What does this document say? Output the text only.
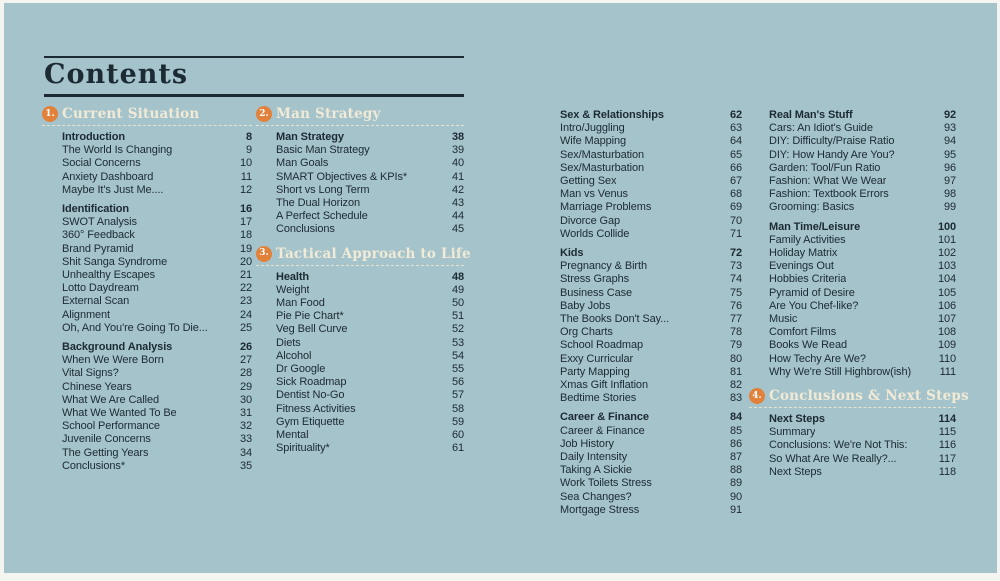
Contents
1. Current Situation
Introduction	8
The World Is Changing	9
Social Concerns	10
Anxiety Dashboard	11
Maybe It's Just Me....	12
Identification	16
SWOT Analysis	17
360° Feedback	18
Brand Pyramid	19
Shit Sanga Syndrome	20
Unhealthy Escapes	21
Lotto Daydream	22
External Scan	23
Alignment	24
Oh, And You're Going To Die...	25
Background Analysis	26
When We Were Born	27
Vital Signs?	28
Chinese Years	29
What We Are Called	30
What We Wanted To Be	31
School Performance	32
Juvenile Concerns	33
The Getting Years	34
Conclusions*	35
2. Man Strategy
Man Strategy	38
Basic Man Strategy	39
Man Goals	40
SMART Objectives & KPIs*	41
Short vs Long Term	42
The Dual Horizon	43
A Perfect Schedule	44
Conclusions	45
3. Tactical Approach to Life
Health	48
Weight	49
Man Food	50
Pie Pie Chart*	51
Veg Bell Curve	52
Diets	53
Alcohol	54
Dr Google	55
Sick Roadmap	56
Dentist No-Go	57
Fitness Activities	58
Gym Etiquette	59
Mental	60
Spirituality*	61
Sex & Relationships	62
Intro/Juggling	63
Wife Mapping	64
Sex/Masturbation	65
Sex/Masturbation	66
Getting Sex	67
Man vs Venus	68
Marriage Problems	69
Divorce Gap	70
Worlds Collide	71
Kids	72
Pregnancy & Birth	73
Stress Graphs	74
Business Case	75
Baby Jobs	76
The Books Don't Say...	77
Org Charts	78
School Roadmap	79
Exxy Curricular	80
Party Mapping	81
Xmas Gift Inflation	82
Bedtime Stories	83
Career & Finance	84
Career & Finance	85
Job History	86
Daily Intensity	87
Taking A Sickie	88
Work Toilets Stress	89
Sea Changes?	90
Mortgage Stress	91
Real Man's Stuff	92
Cars: An Idiot's Guide	93
DIY: Difficulty/Praise Ratio	94
DIY: How Handy Are You?	95
Garden: Tool/Fun Ratio	96
Fashion: What We Wear	97
Fashion: Textbook Errors	98
Grooming: Basics	99
Man Time/Leisure	100
Family Activities	101
Holiday Matrix	102
Evenings Out	103
Hobbies Criteria	104
Pyramid of Desire	105
Are You Chef-like?	106
Music	107
Comfort Films	108
Books We Read	109
How Techy Are We?	110
Why We're Still Highbrow(ish)	111
4. Conclusions & Next Steps
Next Steps	114
Summary	115
Conclusions: We're Not This:	116
So What Are We Really?...	117
Next Steps	118
